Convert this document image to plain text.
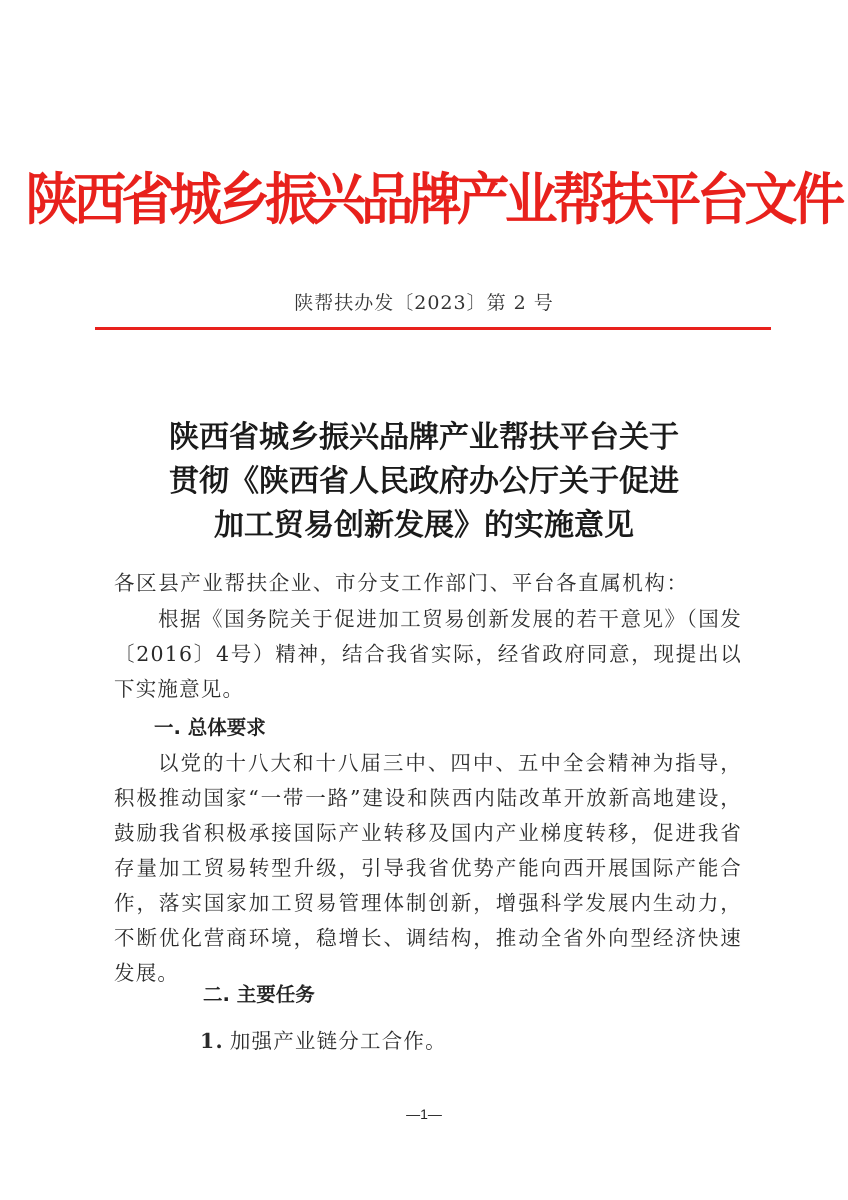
陕西省城乡振兴品牌产业帮扶平台文件
陕帮扶办发〔2023〕第 2 号
陕西省城乡振兴品牌产业帮扶平台关于
贯彻《陕西省人民政府办公厅关于促进
加工贸易创新发展》的实施意见
各区县产业帮扶企业、市分支工作部门、平台各直属机构：
根据《国务院关于促进加工贸易创新发展的若干意见》（国发〔2016〕4号）精神，结合我省实际，经省政府同意，现提出以下实施意见。
一. 总体要求
以党的十八大和十八届三中、四中、五中全会精神为指导，积极推动国家“一带一路”建设和陕西内陆改革开放新高地建设，鼓励我省积极承接国际产业转移及国内产业梯度转移，促进我省存量加工贸易转型升级，引导我省优势产能向西开展国际产能合作，落实国家加工贸易管理体制创新，增强科学发展内生动力，不断优化营商环境，稳增长、调结构，推动全省外向型经济快速发展。
二. 主要任务
1. 加强产业链分工合作。
—1—
